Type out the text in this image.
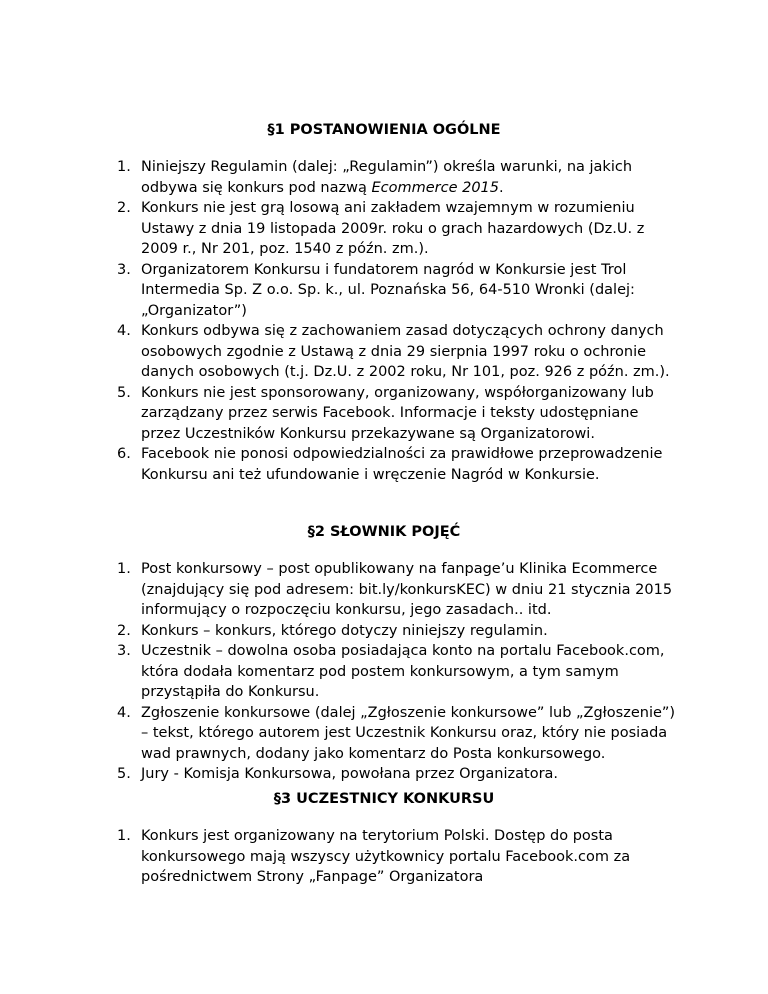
§1 POSTANOWIENIA OGÓLNE
1. Niniejszy Regulamin (dalej: „Regulamin”) określa warunki, na jakich odbywa się konkurs pod nazwą Ecommerce 2015.
2. Konkurs nie jest grą losową ani zakładem wzajemnym w rozumieniu Ustawy z dnia 19 listopada 2009r. roku o grach hazardowych (Dz.U. z 2009 r., Nr 201, poz. 1540 z późn. zm.).
3. Organizatorem Konkursu i fundatorem nagród w Konkursie jest Trol Intermedia Sp. Z o.o. Sp. k., ul. Poznańska 56, 64-510 Wronki (dalej: „Organizator”)
4. Konkurs odbywa się z zachowaniem zasad dotyczących ochrony danych osobowych zgodnie z Ustawą z dnia 29 sierpnia 1997 roku o ochronie danych osobowych (t.j. Dz.U. z 2002 roku, Nr 101, poz. 926 z późn. zm.).
5. Konkurs nie jest sponsorowany, organizowany, współorganizowany lub zarządzany przez serwis Facebook. Informacje i teksty udostępniane przez Uczestników Konkursu przekazywane są Organizatorowi.
6. Facebook nie ponosi odpowiedzialności za prawidłowe przeprowadzenie Konkursu ani też ufundowanie i wręczenie Nagród w Konkursie.
§2 SŁOWNIK POJĘĆ
1. Post konkursowy – post opublikowany na fanpage’u Klinika Ecommerce (znajdujący się pod adresem: bit.ly/konkursKEC) w dniu 21 stycznia 2015 informujący o rozpoczęciu konkursu, jego zasadach.. itd.
2. Konkurs – konkurs, którego dotyczy niniejszy regulamin.
3. Uczestnik – dowolna osoba posiadająca konto na portalu Facebook.com, która dodała komentarz pod postem konkursowym, a tym samym przystąpiła do Konkursu.
4. Zgłoszenie konkursowe (dalej „Zgłoszenie konkursowe” lub „Zgłoszenie”) – tekst, którego autorem jest Uczestnik Konkursu oraz, który nie posiada wad prawnych, dodany jako komentarz do Posta konkursowego.
5. Jury - Komisja Konkursowa, powołana przez Organizatora.
§3 UCZESTNICY KONKURSU
1. Konkurs jest organizowany na terytorium Polski. Dostęp do posta konkursowego mają wszyscy użytkownicy portalu Facebook.com za pośrednictwem Strony „Fanpage” Organizatora
